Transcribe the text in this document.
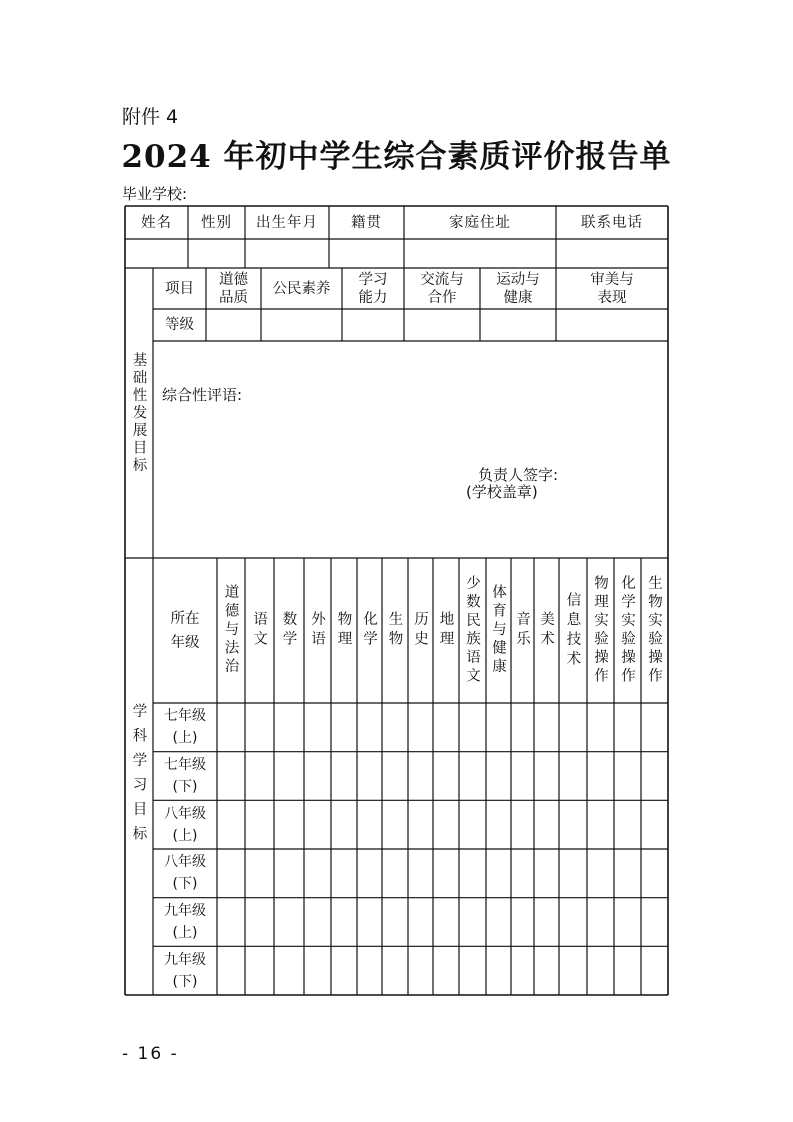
附件 4
2024 年初中学生综合素质评价报告单
毕业学校:
姓名 性别 出生年月 籍贯	家庭住址	联系电话
基础性发展目标
项目
道德
品质
公民素养
学习
能力
交流与
合作
运动与
健康
审美与
表现
等级
综合性评语:
负责人签字:
(学校盖章)
学科学习目标
所在
年级 道德与法治 语文 数学 外语 物理 化学 生物 历史 地理 少数民族语文 体育与健康 音乐 美术 信息技术 物理实验操作 化学实验操作 生物实验操作
七年级
(上)
七年级
(下)
八年级
(上)
八年级
(下)
九年级
(上)
九年级
(下)
- 16 -
